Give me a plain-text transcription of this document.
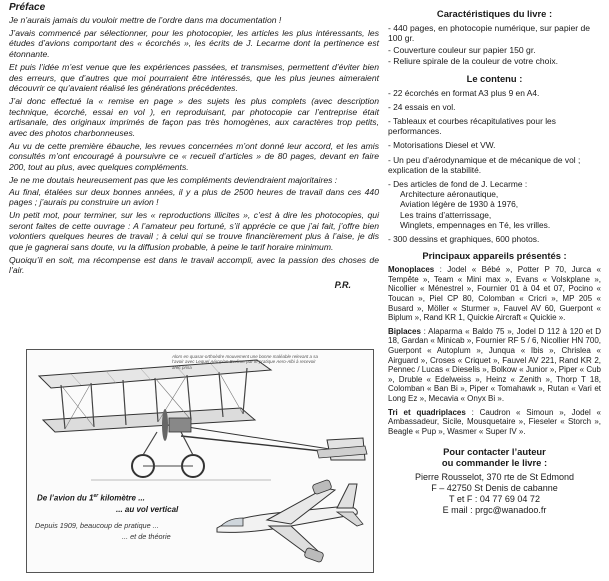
Préface

Je n’aurais jamais du vouloir mettre de l’ordre dans ma documentation !

J’avais commencé par sélectionner, pour les photocopier, les articles les plus intéressants, les études d’avions comportant des « écorchés », les écrits de J. Lecarme dont la pertinence est étonnante.

Et puis l’idée m’est venue que les expériences passées, et transmises, permettent d’éviter bien des erreurs, que d’autres que moi pourraient être intéressés, que les plus jeunes aimeraient découvrir ce qu’avaient réalisé les générations précédentes.

J’ai donc effectué la « remise en page » des sujets les plus complets (avec description technique, écorché, essai en vol ), en reproduisant, par photocopie car l’entreprise était artisanale, des originaux imprimés de façon pas très homogènes, aux caractères trop petits, avec des photos charbonneuses.

Au vu de cette première ébauche, les revues concernées m’ont donné leur accord, et les amis consultés m’ont encouragé à poursuivre ce « recueil d’articles » de 80 pages, devant en faire 200, tout au plus, avec quelques compléments.

Je ne me doutais heureusement pas que les compléments deviendraient majoritaires :

Au final, étalées sur deux bonnes années, il y a plus de 2500 heures de travail dans ces 440 pages ; j’aurais pu construire un avion !

Un petit mot, pour terminer, sur les « reproductions illicites », c’est à dire les photocopies, qui seront faites de cette ouvrage : A l’amateur peu fortuné, s’il apprécie ce que j’ai fait, j’offre bien volontiers quelques heures de travail ; à celui qui se trouve financièrement plus à l’aise, je dis que je gagnerai sans doute, vu la diffusion probable, à peine le tarif horaire minimum.

Quoiqu’il en soit, ma récompense est dans le travail accompli, avec la passion des choses de l’air.

P.R.
Alors en quasar-orthoèdre mouvement une bonne maléable relevant a sa l’avoir avec Lequel Aéroplan Berliner par le pratique Aero-Albi à recevoir arec prisa
De l’avion du 1er kilomètre ...
... au vol vertical
Depuis 1909, beaucoup de pratique ...
... et de théorie
Caractéristiques du livre :
- 440 pages, en photocopie numérique, sur papier de 100 gr.
- Couverture couleur sur papier 150 gr.
- Reliure spirale de la couleur de votre choix.
Le contenu :
- 22 écorchés en format A3 plus 9 en A4.
- 24 essais en vol.
- Tableaux et courbes récapitulatives pour les performances.
- Motorisations Diesel et VW.
- Un peu d’aérodynamique et de mécanique de vol ; explication de la stabilité.
- Des articles de fond de J. Lecarme :
Architecture aéronautique,
Aviation légère de 1930 à 1976,
Les trains d’atterrissage,
Winglets, empennages en Té, les vrilles.
- 300 dessins et graphiques, 600 photos.
Principaux appareils présentés :

Monoplaces : Jodel « Bébé », Potter P 70, Jurca « Tempête », Team « Mini max », Evans « Volskplane », Nicollier « Ménestrel », Fournier 01 à 04 et 07, Pocino « Toucan », Piel CP 80, Colomban « Cricri », MP 205 « Busard », Möller « Sturmer », Fauvel AV 60, Guerpont « Biplum », Rand KR 1, Quickie Aircraft « Quickie ».

Biplaces : Alaparma « Baldo 75 », Jodel D 112 à 120 et D 18, Gardan « Minicab », Fournier RF 5 / 6, Nicollier HN 700, Guerpont « Autoplum », Junqua « Ibis », Chrislea « Airguard », Croses « Criquet », Fauvel AV 221, Rand KR 2, Pennec / Lucas « Dieselis », Bolkow « Junior », Piper « Cub », Druble « Edelweiss », Heinz « Zenith », Thorp T 18, Colomban « Ban Bi », Piper « Tomahawk », Rutan « Vari et Long Ez », Mecavia « Onyx Bi ».

Tri et quadriplaces : Caudron « Simoun », Jodel « Ambassadeur, Sicile, Mousquetaire », Fieseler « Storch », Beagle « Pup », Wasmer « Super IV ».

Pour contacter l’auteur
ou commander le livre :
Pierre Rousselot, 370 rte de St Edmond
F – 42750 St Denis de cabanne
T et F : 04 77 69 04 72
E mail : prgc@wanadoo.fr
